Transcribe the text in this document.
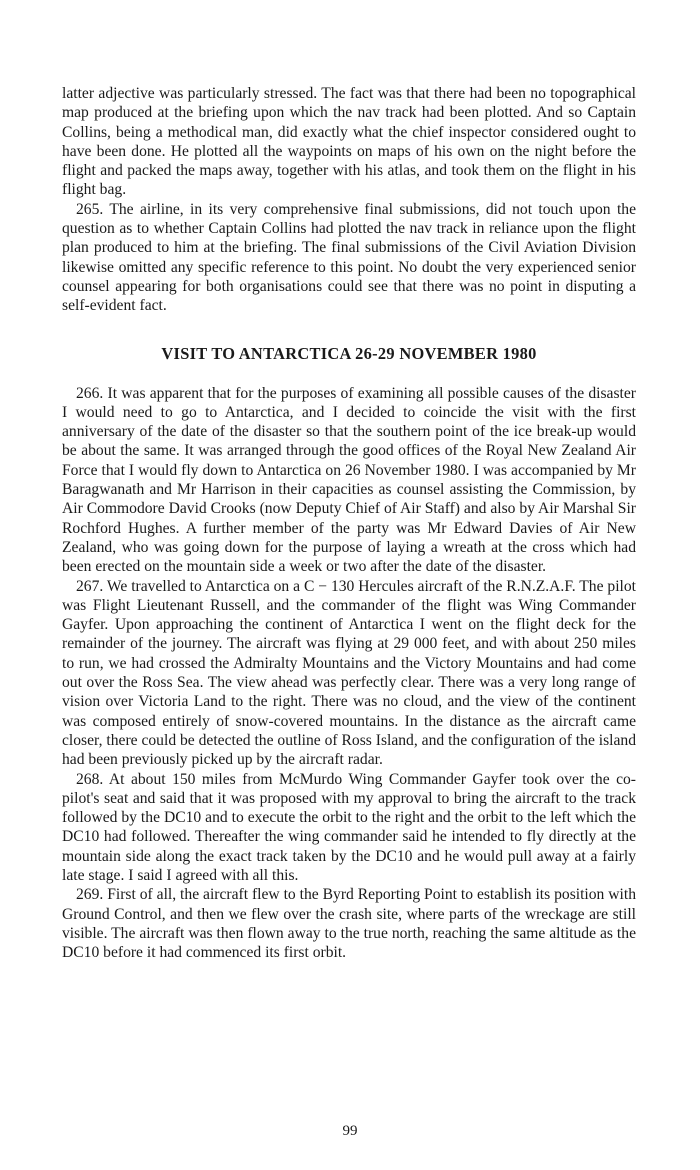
latter adjective was particularly stressed. The fact was that there had been no topographical map produced at the briefing upon which the nav track had been plotted. And so Captain Collins, being a methodical man, did exactly what the chief inspector considered ought to have been done. He plotted all the waypoints on maps of his own on the night before the flight and packed the maps away, together with his atlas, and took them on the flight in his flight bag.

265. The airline, in its very comprehensive final submissions, did not touch upon the question as to whether Captain Collins had plotted the nav track in reliance upon the flight plan produced to him at the briefing. The final submissions of the Civil Aviation Division likewise omitted any specific reference to this point. No doubt the very experienced senior counsel appearing for both organisations could see that there was no point in disputing a self-evident fact.

VISIT TO ANTARCTICA 26-29 NOVEMBER 1980

266. It was apparent that for the purposes of examining all possible causes of the disaster I would need to go to Antarctica, and I decided to coincide the visit with the first anniversary of the date of the disaster so that the southern point of the ice break-up would be about the same. It was arranged through the good offices of the Royal New Zealand Air Force that I would fly down to Antarctica on 26 November 1980. I was accompanied by Mr Baragwanath and Mr Harrison in their capacities as counsel assisting the Commission, by Air Commodore David Crooks (now Deputy Chief of Air Staff) and also by Air Marshal Sir Rochford Hughes. A further member of the party was Mr Edward Davies of Air New Zealand, who was going down for the purpose of laying a wreath at the cross which had been erected on the mountain side a week or two after the date of the disaster.

267. We travelled to Antarctica on a C − 130 Hercules aircraft of the R.N.Z.A.F. The pilot was Flight Lieutenant Russell, and the commander of the flight was Wing Commander Gayfer. Upon approaching the continent of Antarctica I went on the flight deck for the remainder of the journey. The aircraft was flying at 29 000 feet, and with about 250 miles to run, we had crossed the Admiralty Mountains and the Victory Mountains and had come out over the Ross Sea. The view ahead was perfectly clear. There was a very long range of vision over Victoria Land to the right. There was no cloud, and the view of the continent was composed entirely of snow-covered mountains. In the distance as the aircraft came closer, there could be detected the outline of Ross Island, and the configuration of the island had been previously picked up by the aircraft radar.

268. At about 150 miles from McMurdo Wing Commander Gayfer took over the co-pilot's seat and said that it was proposed with my approval to bring the aircraft to the track followed by the DC10 and to execute the orbit to the right and the orbit to the left which the DC10 had followed. Thereafter the wing commander said he intended to fly directly at the mountain side along the exact track taken by the DC10 and he would pull away at a fairly late stage. I said I agreed with all this.

269. First of all, the aircraft flew to the Byrd Reporting Point to establish its position with Ground Control, and then we flew over the crash site, where parts of the wreckage are still visible. The aircraft was then flown away to the true north, reaching the same altitude as the DC10 before it had commenced its first orbit.

99
